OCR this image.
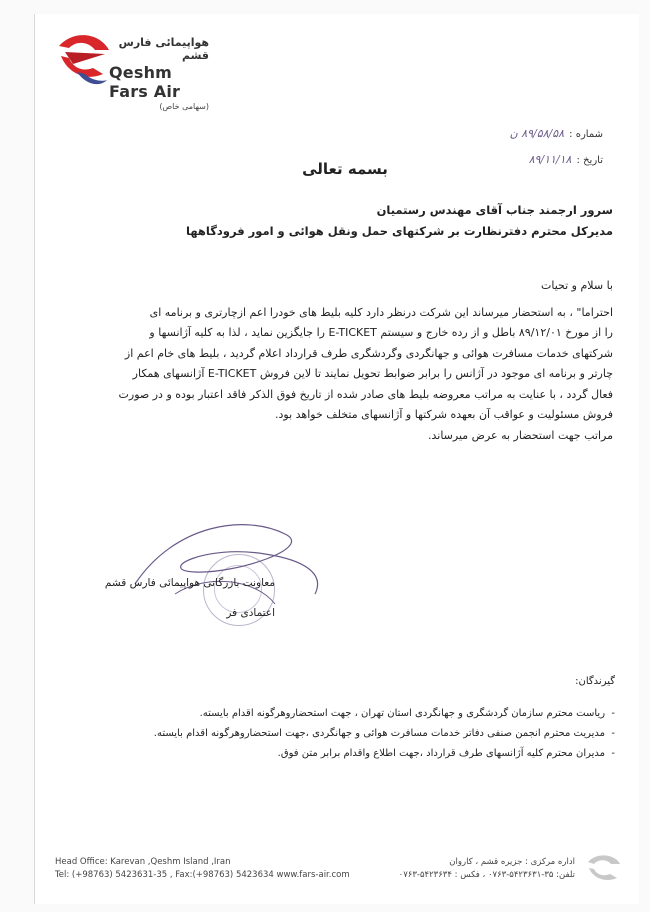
هواپیمائی فارس قشم
Qeshm Fars Air
(سهامی خاص)
شماره : ۸۹/۵۸/۵۸ ن
تاریخ : ۸۹/۱۱/۱۸
بسمه تعالی
سرور ارجمند جناب آقای مهندس رستمیان
مدیرکل محترم دفترنظارت بر شرکتهای حمل ونقل هوائی و امور فرودگاهها
با سلام و تحیات
احتراما" ، به استحضار میرساند این شرکت درنظر دارد کلیه بلیط های خودرا اعم ازچارتری و برنامه ای
را از مورخ ۸۹/۱۲/۰۱ باطل و از رده خارج و سیستم E-TICKET را جایگزین نماید ، لذا به کلیه آژانسها و
شرکتهای خدمات مسافرت هوائی و جهانگردی وگردشگری طرف قرارداد اعلام گردید ، بلیط های خام اعم از
چارتر و برنامه ای موجود در آژانس را برابر ضوابط تحویل نمایند تا لاین فروش E-TICKET آژانسهای همکار
فعال گردد ، با عنایت به مراتب معروضه بلیط های صادر شده از تاریخ فوق الذکر فاقد اعتبار بوده و در صورت
فروش مسئولیت و عواقب آن بعهده شرکتها و آژانسهای متخلف خواهد بود.
مراتب جهت استحضار به عرض میرساند.
معاونت بازرگانی هواپیمائی فارس قشم
اعتمادی فر
گیرندگان:
-  ریاست محترم سازمان گردشگری و جهانگردی استان تهران ، جهت استحضاروهرگونه اقدام بایسته.
-  مدیریت محترم انجمن صنفی دفاتر خدمات مسافرت هوائی و جهانگردی ،جهت استحضاروهرگونه اقدام بایسته.
-  مدیران محترم کلیه آژانسهای طرف قرارداد ،جهت اطلاع واقدام برابر متن فوق.
Head Office: Karevan ,Qeshm Island ,Iran
Tel: (+98763) 5423631-35 , Fax:(+98763) 5423634 www.fars-air.com
اداره مرکزی : جزیره قشم ، کاروان
تلفن: ۳۵-۵۴۲۳۶۳۱-۰۷۶۳ ، فکس : ۵۴۲۳۶۳۴-۰۷۶۳
